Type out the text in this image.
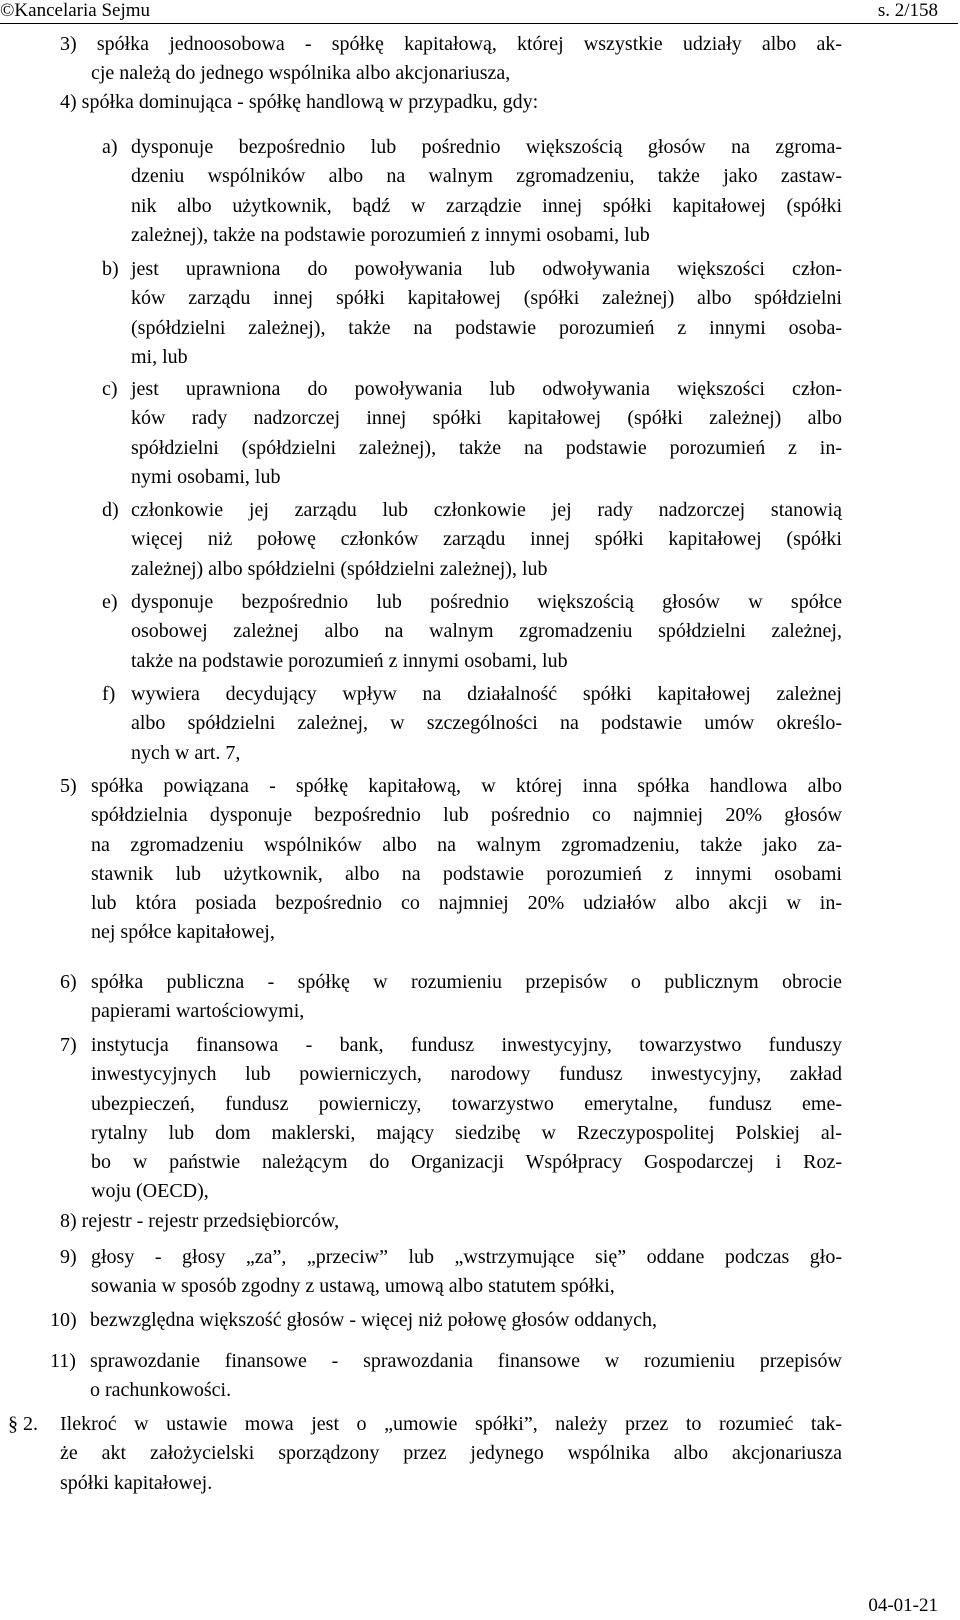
©Kancelaria Sejmu	s. 2/158
3) spółka jednoosobowa - spółkę kapitałową, której wszystkie udziały albo ak-
cje należą do jednego wspólnika albo akcjonariusza,
4) spółka dominująca - spółkę handlową w przypadku, gdy:
a) dysponuje bezpośrednio lub pośrednio większością głosów na zgroma-
dzeniu wspólników albo na walnym zgromadzeniu, także jako zastaw-
nik albo użytkownik, bądź w zarządzie innej spółki kapitałowej (spółki
zależnej), także na podstawie porozumień z innymi osobami, lub
b) jest uprawniona do powoływania lub odwoływania większości człon-
ków zarządu innej spółki kapitałowej (spółki zależnej) albo spółdzielni
(spółdzielni zależnej), także na podstawie porozumień z innymi osoba-
mi, lub
c) jest uprawniona do powoływania lub odwoływania większości człon-
ków rady nadzorczej innej spółki kapitałowej (spółki zależnej) albo
spółdzielni (spółdzielni zależnej), także na podstawie porozumień z in-
nymi osobami, lub
d) członkowie jej zarządu lub członkowie jej rady nadzorczej stanowią
więcej niż połowę członków zarządu innej spółki kapitałowej (spółki
zależnej) albo spółdzielni (spółdzielni zależnej), lub
e) dysponuje bezpośrednio lub pośrednio większością głosów w spółce
osobowej zależnej albo na walnym zgromadzeniu spółdzielni zależnej,
także na podstawie porozumień z innymi osobami, lub
f) wywiera decydujący wpływ na działalność spółki kapitałowej zależnej
albo spółdzielni zależnej, w szczególności na podstawie umów określo-
nych w art. 7,
5) spółka powiązana - spółkę kapitałową, w której inna spółka handlowa albo
spółdzielnia dysponuje bezpośrednio lub pośrednio co najmniej 20% głosów
na zgromadzeniu wspólników albo na walnym zgromadzeniu, także jako za-
stawnik lub użytkownik, albo na podstawie porozumień z innymi osobami
lub która posiada bezpośrednio co najmniej 20% udziałów albo akcji w in-
nej spółce kapitałowej,
6) spółka publiczna - spółkę w rozumieniu przepisów o publicznym obrocie
papierami wartościowymi,
7) instytucja finansowa - bank, fundusz inwestycyjny, towarzystwo funduszy
inwestycyjnych lub powierniczych, narodowy fundusz inwestycyjny, zakład
ubezpieczeń, fundusz powierniczy, towarzystwo emerytalne, fundusz eme-
rytalny lub dom maklerski, mający siedzibę w Rzeczypospolitej Polskiej al-
bo w państwie należącym do Organizacji Współpracy Gospodarczej i Roz-
woju (OECD),
8) rejestr - rejestr przedsiębiorców,
9) głosy - głosy „za”, „przeciw” lub „wstrzymujące się” oddane podczas gło-
sowania w sposób zgodny z ustawą, umową albo statutem spółki,
10) bezwzględna większość głosów - więcej niż połowę głosów oddanych,
11) sprawozdanie finansowe - sprawozdania finansowe w rozumieniu przepisów
o rachunkowości.
§ 2. Ilekroć w ustawie mowa jest o „umowie spółki”, należy przez to rozumieć tak-
że akt założycielski sporządzony przez jedynego wspólnika albo akcjonariusza
spółki kapitałowej.
04-01-21
